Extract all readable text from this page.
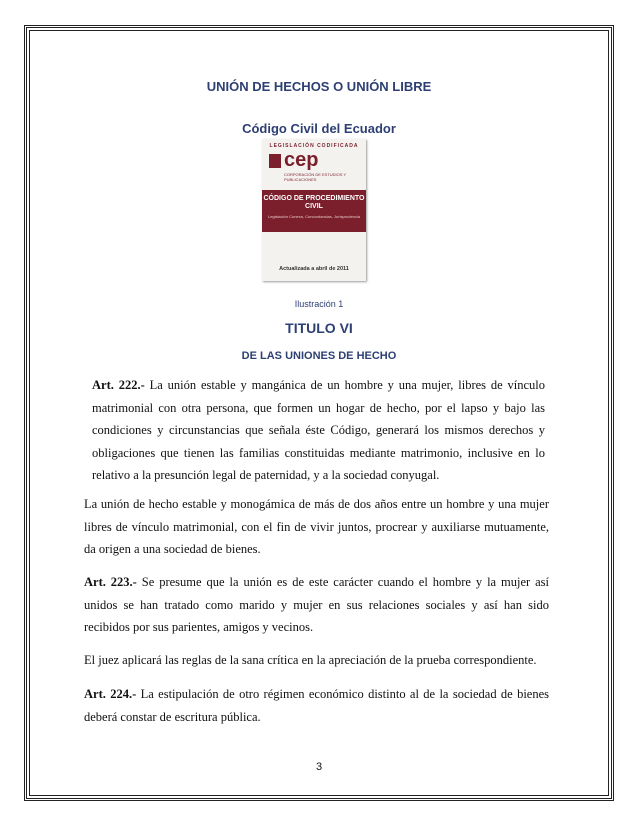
UNIÓN DE HECHOS O UNIÓN LIBRE
Código Civil del Ecuador
LEGISLACIÓN CODIFICADA
cep
CORPORACIÓN DE ESTUDIOS Y PUBLICACIONES
CÓDIGO DE PROCEDIMIENTO CIVIL
Legislación Conexa, Concordancias, Jurisprudencia
Actualizada a abril de 2011
Ilustración 1
TITULO VI
DE LAS UNIONES DE HECHO
Art. 222.- La unión estable y mangánica de un hombre y una mujer, libres de vínculo matrimonial con otra persona, que formen un hogar de hecho, por el lapso y bajo las condiciones y circunstancias que señala éste Código, generará los mismos derechos y obligaciones que tienen las familias constituidas mediante matrimonio, inclusive en lo relativo a la presunción legal de paternidad, y a la sociedad conyugal.
La unión de hecho estable y monogámica de más de dos años entre un hombre y una mujer libres de vínculo matrimonial, con el fin de vivir juntos, procrear y auxiliarse mutuamente, da origen a una sociedad de bienes.
Art. 223.- Se presume que la unión es de este carácter cuando el hombre y la mujer así unidos se han tratado como marido y mujer en sus relaciones sociales y así han sido recibidos por sus parientes, amigos y vecinos.
El juez aplicará las reglas de la sana crítica en la apreciación de la prueba correspondiente.
Art. 224.- La estipulación de otro régimen económico distinto al de la sociedad de bienes deberá constar de escritura pública.
3
